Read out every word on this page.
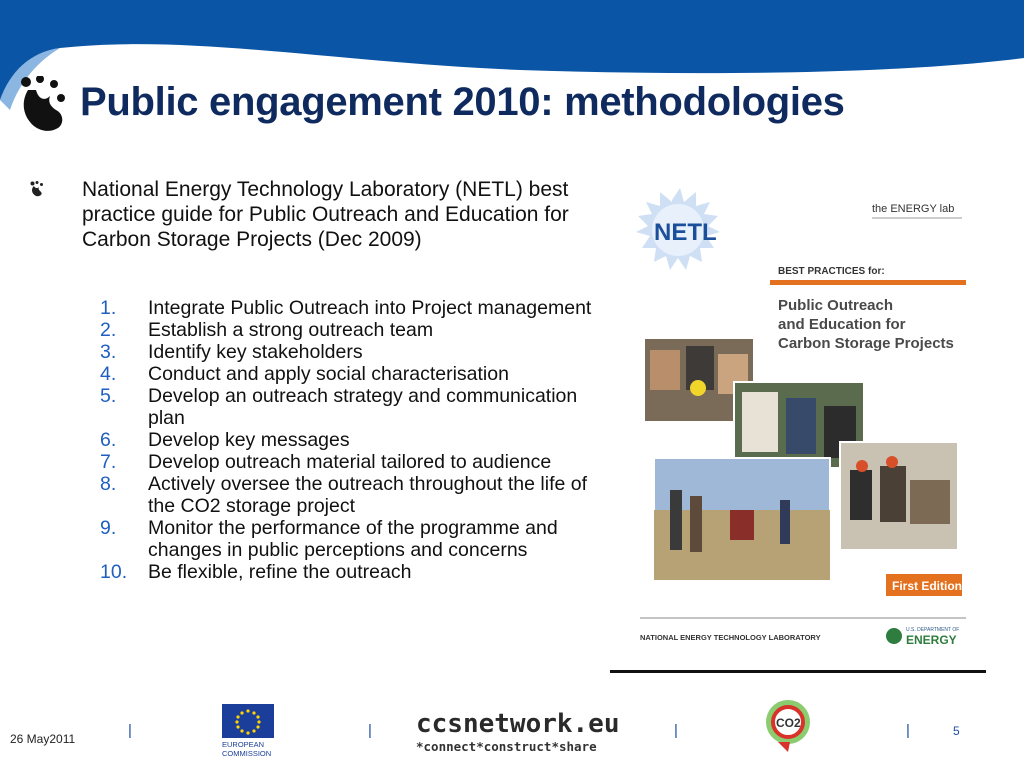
Public engagement 2010: methodologies

National Energy Technology Laboratory (NETL) best practice guide for Public Outreach and Education for Carbon Storage Projects (Dec 2009)

1.	Integrate Public Outreach into Project management
2.	Establish a strong outreach team
3.	Identify key stakeholders
4.	Conduct and apply social characterisation
5.	Develop an outreach strategy and communication plan
6.	Develop key messages
7.	Develop outreach material tailored to audience
8.	Actively oversee the outreach throughout the life of the CO2 storage project
9.	Monitor the performance of the programme and changes in public perceptions and concerns
10.	Be flexible, refine the outreach
NETL
the ENERGY lab
BEST PRACTICES for:
Public Outreach
and Education for
Carbon Storage Projects
First Edition
NATIONAL ENERGY TECHNOLOGY LABORATORY
U.S. DEPARTMENT OF
ENERGY
26 May2011	|	|	|	|	5
EUROPEAN
COMMISSION
ccsnetwork.eu
*connect*construct*share
CO2
